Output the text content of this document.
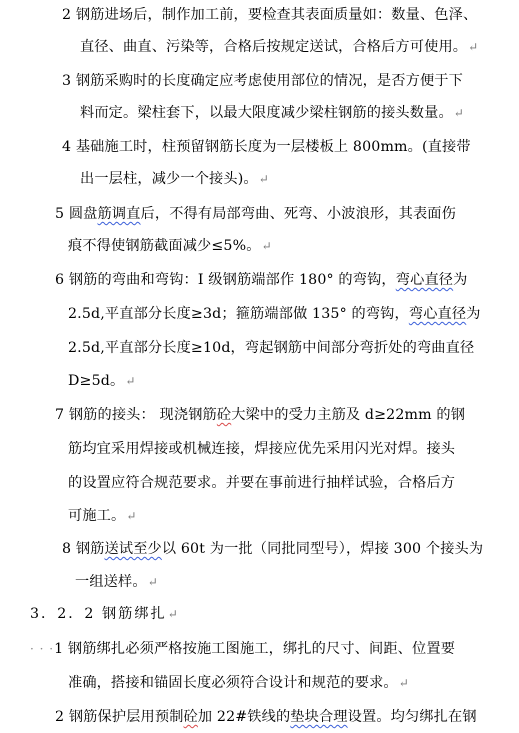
2 钢筋进场后，制作加工前，要检查其表面质量如：数量、色泽、
直径、曲直、污染等，合格后按规定送试，合格后方可使用。↵
3 钢筋采购时的长度确定应考虑使用部位的情况，是否方便于下
料而定。梁柱套下，以最大限度减少梁柱钢筋的接头数量。↵
4 基础施工时，柱预留钢筋长度为一层楼板上 800mm。(直接带
出一层柱，减少一个接头)。↵
5 圆盘筋调直后，不得有局部弯曲、死弯、小波浪形，其表面伤
痕不得使钢筋截面减少≤5%。↵
6 钢筋的弯曲和弯钩：I 级钢筋端部作 180° 的弯钩，弯心直径为
2.5d,平直部分长度≥3d；箍筋端部做 135° 的弯钩，弯心直径为
2.5d,平直部分长度≥10d，弯起钢筋中间部分弯折处的弯曲直径
D≥5d。↵
7 钢筋的接头： 现浇钢筋砼大梁中的受力主筋及 d≥22mm 的钢
筋均宜采用焊接或机械连接，焊接应优先采用闪光对焊。接头
的设置应符合规范要求。并要在事前进行抽样试验，合格后方
可施工。↵
8 钢筋送试至少以 60t 为一批（同批同型号），焊接 300 个接头为
一组送样。↵
3．2．2 钢筋绑扎↵
· · ·1 钢筋绑扎必须严格按施工图施工，绑扎的尺寸、间距、位置要
准确，搭接和锚固长度必须符合设计和规范的要求。↵
2 钢筋保护层用预制砼加 22#铁线的垫块合理设置。均匀绑扎在钢
